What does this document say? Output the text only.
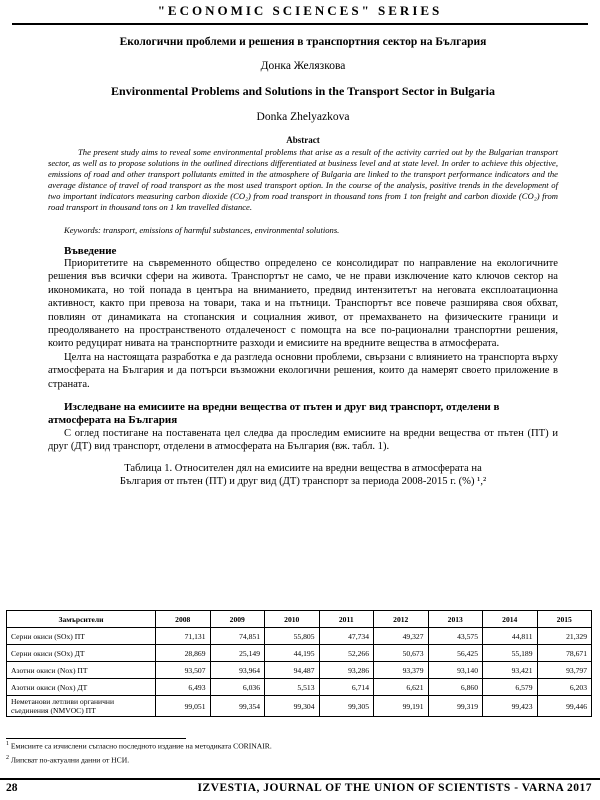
"ECONOMIC SCIENCES" SERIES
Екологични проблеми и решения в транспортния сектор на България
Донка Желязкова
Environmental Problems and Solutions in the Transport Sector in Bulgaria
Donka Zhelyazkova
Abstract
The present study aims to reveal some environmental problems that arise as a result of the activity carried out by the Bulgarian transport sector, as well as to propose solutions in the outlined directions differentiated at business level and at state level. In order to achieve this objective, emissions of road and other transport pollutants emitted in the atmosphere of Bulgaria are linked to the transport performance indicators and the average distance of travel of road transport as the most used transport option. In the course of the analysis, positive trends in the development of two important indicators measuring carbon dioxide (CO₂) from road transport in thousand tons from 1 ton freight and carbon dioxide (CO₂) from road transport in thousand tons on 1 km travelled distance.
Keywords: transport, emissions of harmful substances, environmental solutions.
Въведение

Приоритетите на съвременното общество определено се консолидират по направление на екологичните решения във всички сфери на живота. Транспортът не само, че не прави изключение като ключов сектор на икономиката, но той попада в центъра на вниманието, предвид интензитетът на неговата експлоатационна активност, както при превоза на товари, така и на пътници. Транспортът все повече разширява своя обхват, повлиян от динамиката на стопанския и социалния живот, от премахването на физическите граници и преодоляването на пространственото отдалеченост с помощта на все по-рационални транспортни решения, които редуцират нивата на транспортните разходи и емисиите на вредните вещества в атмосферата.

Целта на настоящата разработка е да разгледа основни проблеми, свързани с влиянието на транспорта върху атмосферата на България и да потърси възможни екологични решения, които да намерят своето приложение в страната.

Изследване на емисиите на вредни вещества от пътен и друг вид транспорт, отделени в атмосферата на България

С оглед постигане на поставената цел следва да проследим емисиите на вредни вещества от пътен (ПТ) и друг (ДТ) вид транспорт, отделени в атмосферата на България (вж. табл. 1).

Таблица 1. Относителен дял на емисиите на вредни вещества в атмосферата на
България от пътен (ПТ) и друг вид (ДТ) транспорт за периода 2008-2015 г. (%) ¹,²
Замърсители	2008	2009	2010	2011	2012	2013	2014	2015
Серни окиси (SOx) ПТ	71,131	74,851	55,805	47,734	49,327	43,575	44,811	21,329
Серни окиси (SOx) ДТ	28,869	25,149	44,195	52,266	50,673	56,425	55,189	78,671
Азотни окиси (Nox) ПТ	93,507	93,964	94,487	93,286	93,379	93,140	93,421	93,797
Азотни окиси (Nox) ДТ	6,493	6,036	5,513	6,714	6,621	6,860	6,579	6,203
Неметанови летливи органични съединения (NMVOC) ПТ	99,051	99,354	99,304	99,305	99,191	99,319	99,423	99,446
$^1$ Емисиите са изчислени съгласно последното издание на методиката CORINAIR.
$^2$ Липсват по-актуални данни от НСИ.
28	IZVESTIA, JOURNAL OF THE UNION OF SCIENTISTS - VARNA 2017
